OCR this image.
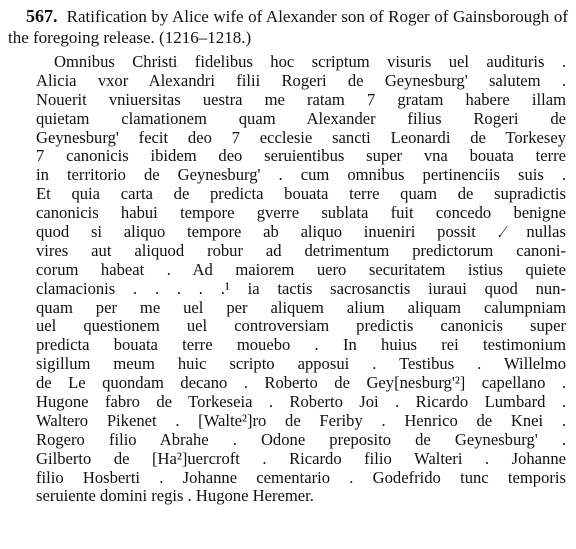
567. Ratification by Alice wife of Alexander son of Roger of Gainsborough of the foregoing release. (1216–1218.)
Omnibus Christi fidelibus hoc scriptum visuris uel audituris .
Alicia vxor Alexandri filii Rogeri de Geynesburg' salutem .
Nouerit vniuersitas uestra me ratam 7 gratam habere illam
quietam clamationem quam Alexander filius Rogeri de
Geynesburg' fecit deo 7 ecclesie sancti Leonardi de Torkesey
7 canonicis ibidem deo seruientibus super vna bouata terre
in territorio de Geynesburg' . cum omnibus pertinenciis suis .
Et quia carta de predicta bouata terre quam de supradictis
canonicis habui tempore gverre sublata fuit concedo benigne
quod si aliquo tempore ab aliquo inueniri possit .⁄ nullas
vires aut aliquod robur ad detrimentum predictorum canoni-
corum habeat . Ad maiorem uero securitatem istius quiete
clamacionis . . . . .¹ ia tactis sacrosanctis iuraui quod nun-
quam per me uel per aliquem alium aliquam calumpniam
uel questionem uel controversiam predictis canonicis super
predicta bouata terre mouebo . In huius rei testimonium
sigillum meum huic scripto apposui . Testibus . Willelmo
de Le quondam decano . Roberto de Gey[nesburg'²] capellano .
Hugone fabro de Torkeseia . Roberto Joi . Ricardo Lumbard .
Waltero Pikenet . [Walte²]ro de Feriby . Henrico de Knei .
Rogero filio Abrahe . Odone preposito de Geynesburg' .
Gilberto de [Ha²]uercroft . Ricardo filio Walteri . Johanne
filio Hosberti . Johanne cementario . Godefrido tunc temporis
seruiente domini regis . Hugone Heremer.
